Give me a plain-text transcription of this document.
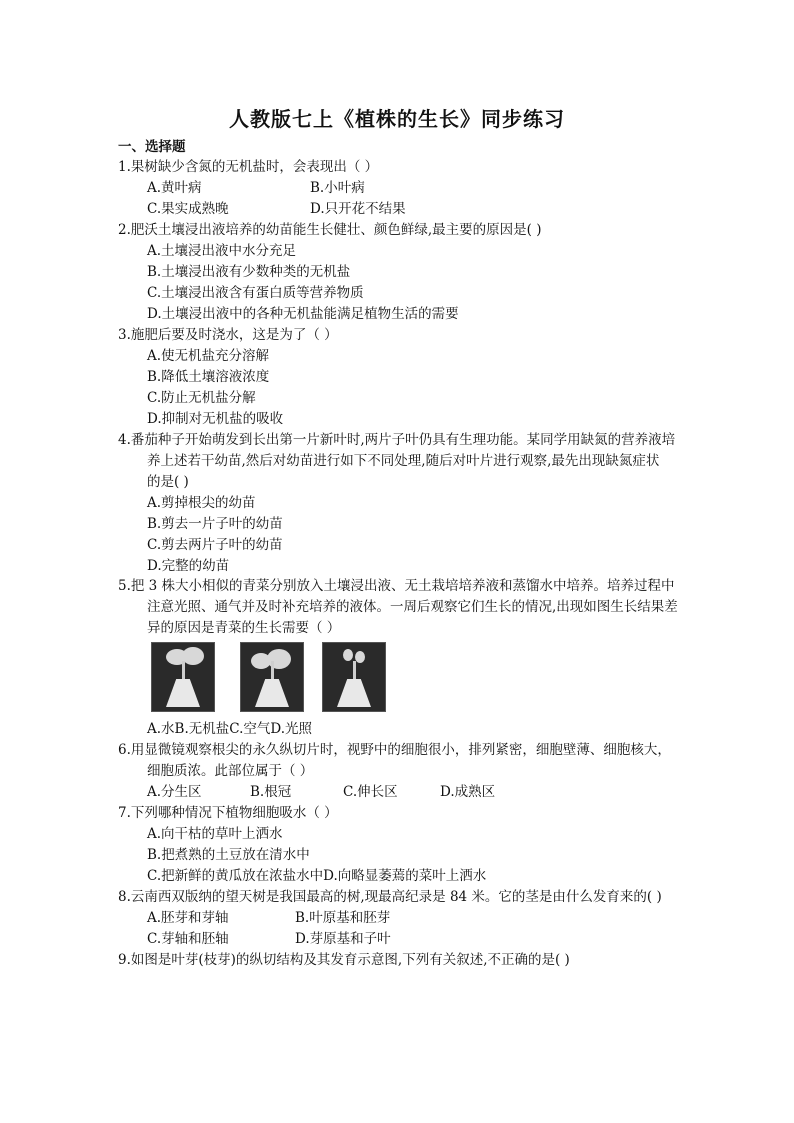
人教版七上《植株的生长》同步练习
一、选择题
1.果树缺少含氮的无机盐时，会表现出（ ）
A.黄叶病	B.小叶病
C.果实成熟晚	D.只开花不结果
2.肥沃土壤浸出液培养的幼苗能生长健壮、颜色鲜绿,最主要的原因是( )
A.土壤浸出液中水分充足
B.土壤浸出液有少数种类的无机盐
C.土壤浸出液含有蛋白质等营养物质
D.土壤浸出液中的各种无机盐能满足植物生活的需要
3.施肥后要及时浇水，这是为了（ ）
A.使无机盐充分溶解
B.降低土壤溶液浓度
C.防止无机盐分解
D.抑制对无机盐的吸收
4.番茄种子开始萌发到长出第一片新叶时,两片子叶仍具有生理功能。某同学用缺氮的营养液培
养上述若干幼苗,然后对幼苗进行如下不同处理,随后对叶片进行观察,最先出现缺氮症状
的是( )
A.剪掉根尖的幼苗
B.剪去一片子叶的幼苗
C.剪去两片子叶的幼苗
D.完整的幼苗
5.把 3 株大小相似的青菜分别放入土壤浸出液、无土栽培培养液和蒸馏水中培养。培养过程中
注意光照、通气并及时补充培养的液体。一周后观察它们生长的情况,出现如图生长结果差
异的原因是青菜的生长需要（ ）
A.水B.无机盐C.空气D.光照
6.用显微镜观察根尖的永久纵切片时，视野中的细胞很小，排列紧密，细胞壁薄、细胞核大，
细胞质浓。此部位属于（ ）
A.分生区	B.根冠	C.伸长区	D.成熟区
7.下列哪种情况下植物细胞吸水（ ）
A.向干枯的草叶上洒水
B.把煮熟的土豆放在清水中
C.把新鲜的黄瓜放在浓盐水中D.向略显萎蔫的菜叶上洒水
8.云南西双版纳的望天树是我国最高的树,现最高纪录是 84 米。它的茎是由什么发育来的( )
A.胚芽和芽轴	B.叶原基和胚芽
C.芽轴和胚轴	D.芽原基和子叶
9.如图是叶芽(枝芽)的纵切结构及其发育示意图,下列有关叙述,不正确的是( )
